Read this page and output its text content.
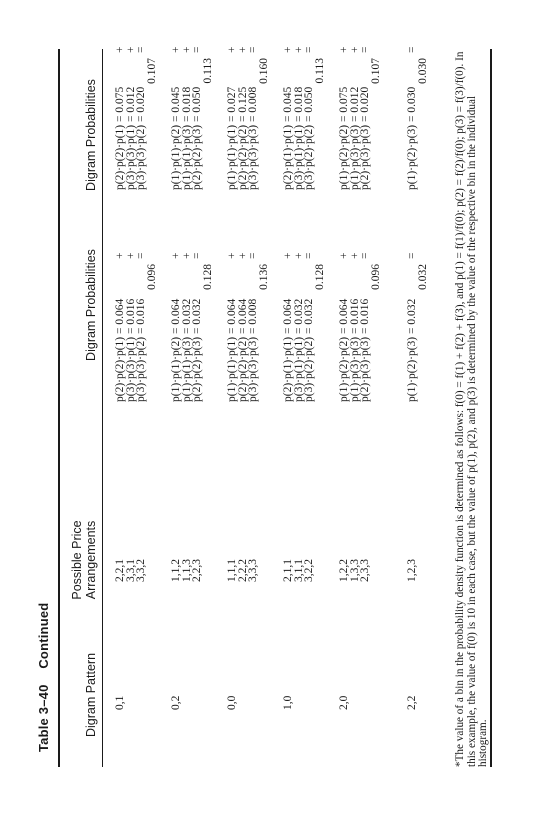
Table 3–40 Continued
Digram Pattern
Possible Price Arrangements
Digram Probabilities
Digram Probabilities
0,1
2,2,1
3,3,1
3,3,2
p(2)·p(2)·p(1) = 0.064
+
p(3)·p(3)·p(1) = 0.016
+
p(3)·p(3)·p(2) = 0.016
=
0.096
p(2)·p(2)·p(1) = 0.075
+
p(3)·p(3)·p(1) = 0.012
+
p(3)·p(3)·p(2) = 0.020
=
0.107
0,2
1,1,2
1,1,3
2,2,3
p(1)·p(1)·p(2) = 0.064
+
p(1)·p(1)·p(3) = 0.032
+
p(2)·p(2)·p(3) = 0.032
=
0.128
p(1)·p(1)·p(2) = 0.045
+
p(1)·p(1)·p(3) = 0.018
+
p(2)·p(2)·p(3) = 0.050
=
0.113
0,0
1,1,1
2,2,2
3,3,3
p(1)·p(1)·p(1) = 0.064
+
p(2)·p(2)·p(2) = 0.064
+
p(3)·p(3)·p(3) = 0.008
=
0.136
p(1)·p(1)·p(1) = 0.027
+
p(2)·p(2)·p(2) = 0.125
+
p(3)·p(3)·p(3) = 0.008
=
0.160
1,0
2,1,1
3,1,1
3,2,2
p(2)·p(1)·p(1) = 0.064
+
p(3)·p(1)·p(1) = 0.032
+
p(3)·p(2)·p(2) = 0.032
=
0.128
p(2)·p(1)·p(1) = 0.045
+
p(3)·p(1)·p(1) = 0.018
+
p(3)·p(2)·p(2) = 0.050
=
0.113
2,0
1,2,2
1,3,3
2,3,3
p(1)·p(2)·p(2) = 0.064
+
p(1)·p(3)·p(3) = 0.016
+
p(2)·p(3)·p(3) = 0.016
=
0.096
p(1)·p(2)·p(2) = 0.075
+
p(1)·p(3)·p(3) = 0.012
+
p(2)·p(3)·p(3) = 0.020
=
0.107
2,2
1,2,3
p(1)·p(2)·p(3) = 0.032
=
0.032
p(1)·p(2)·p(3) = 0.030
=
0.030 *The value of a bin in the probability density function is determined as follows: f(0) = f(1) + f(2) + f(3), and p(1) = f(1)/f(0); p(2) = f(2)/f(0); p(3) = f(3)/f(0). In this example, the value of f(0) is 10 in each case, but the value of p(1), p(2), and p(3) is determined by the value of the respective bin in the individual histogram.
